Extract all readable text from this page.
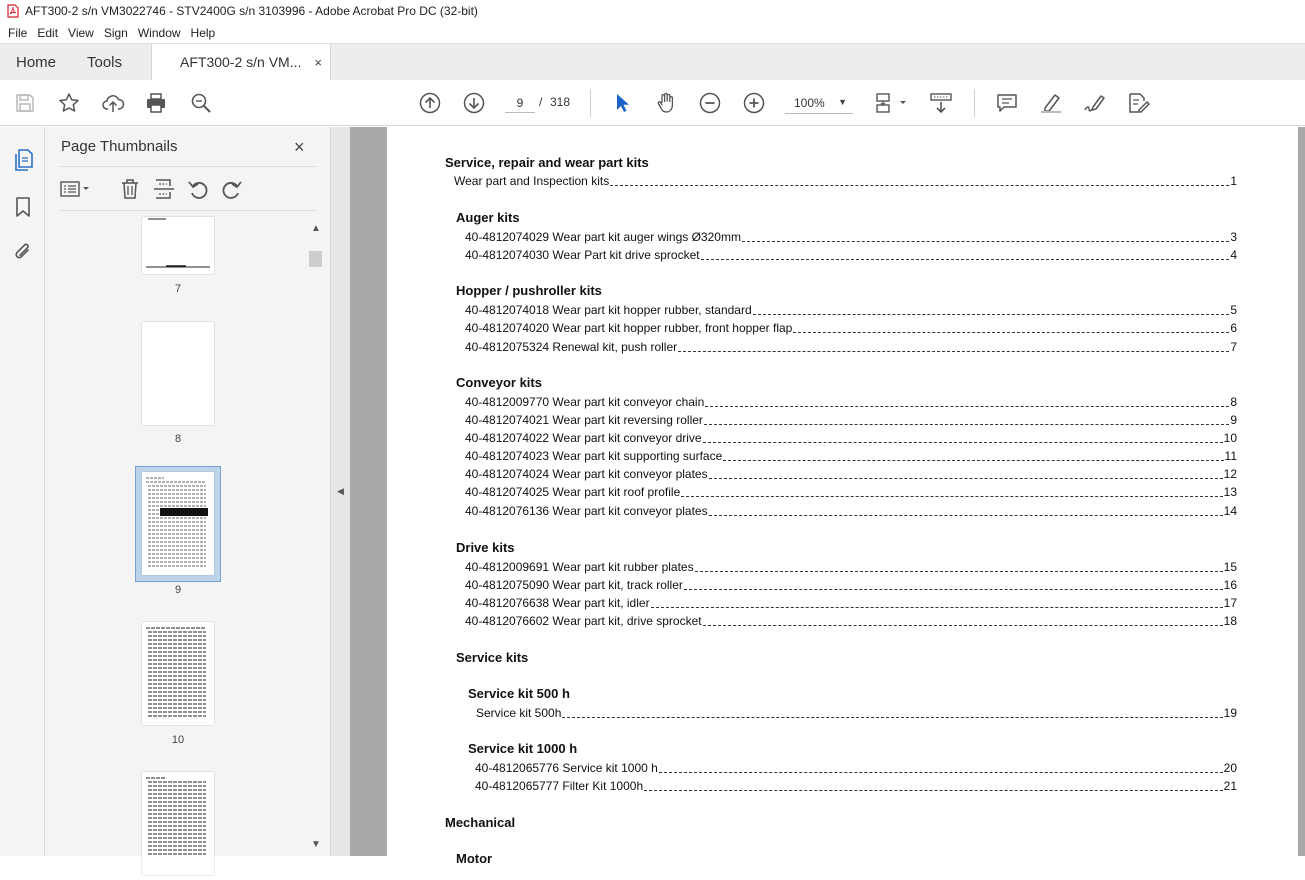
AFT300-2 s/n VM3022746 - STV2400G s/n 3103996 - Adobe Acrobat Pro DC (32-bit)
File Edit View Sign Window Help
Home	Tools	AFT300-2 s/n VM... ×
9	/ 318	100% ▼
Page Thumbnails	×
7
8
9
10
▲
▼
◀
Service, repair and wear part kits
Wear part and Inspection kits	1
Auger kits
40-4812074029 Wear part kit auger wings Ø320mm	3
40-4812074030 Wear Part kit drive sprocket	4
Hopper / pushroller kits
40-4812074018 Wear part kit hopper rubber, standard	5
40-4812074020 Wear part kit hopper rubber, front hopper flap	6
40-4812075324 Renewal kit, push roller	7
Conveyor kits
40-4812009770 Wear part kit conveyor chain	8
40-4812074021 Wear part kit reversing roller	9
40-4812074022 Wear part kit conveyor drive	10
40-4812074023 Wear part kit supporting surface	11
40-4812074024 Wear part kit conveyor plates	12
40-4812074025 Wear part kit roof profile	13
40-4812076136 Wear part kit conveyor plates	14
Drive kits
40-4812009691 Wear part kit rubber plates	15
40-4812075090 Wear part kit, track roller	16
40-4812076638 Wear part kit, idler	17
40-4812076602 Wear part kit, drive sprocket	18
Service kits
Service kit 500 h
Service kit 500h	19
Service kit 1000 h
40-4812065776 Service kit 1000 h	20
40-4812065777 Filter Kit 1000h	21
Mechanical
Motor
